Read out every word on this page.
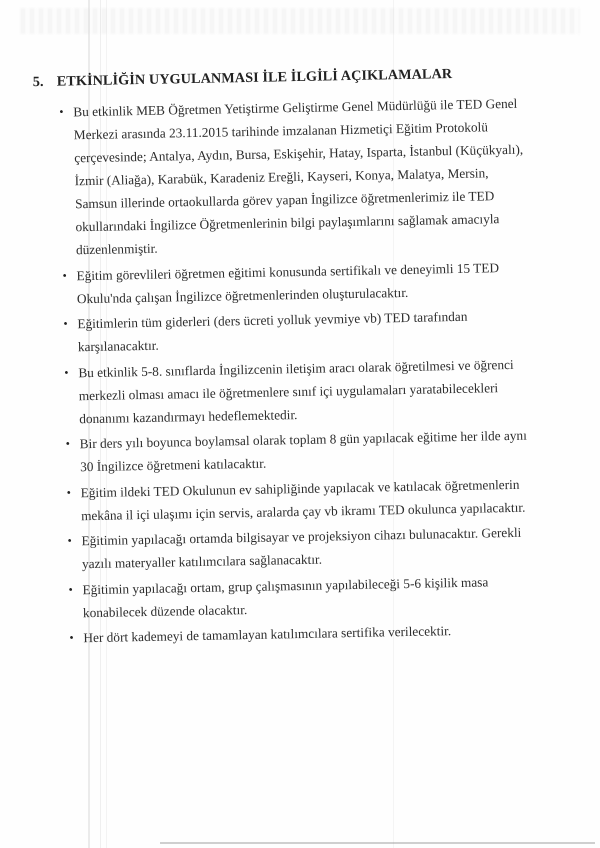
5. ETKİNLİĞİN UYGULANMASI İLE İLGİLİ AÇIKLAMALAR
• Bu etkinlik MEB Öğretmen Yetiştirme Geliştirme Genel Müdürlüğü ile TED Genel Merkezi arasında 23.11.2015 tarihinde imzalanan Hizmetiçi Eğitim Protokolü çerçevesinde; Antalya, Aydın, Bursa, Eskişehir, Hatay, Isparta, İstanbul (Küçükyalı), İzmir (Aliağa), Karabük, Karadeniz Ereğli, Kayseri, Konya, Malatya, Mersin, Samsun illerinde ortaokullarda görev yapan İngilizce öğretmenlerimiz ile TED okullarındaki İngilizce Öğretmenlerinin bilgi paylaşımlarını sağlamak amacıyla düzenlenmiştir.
• Eğitim görevlileri öğretmen eğitimi konusunda sertifikalı ve deneyimli 15 TED Okulu'nda çalışan İngilizce öğretmenlerinden oluşturulacaktır.
• Eğitimlerin tüm giderleri (ders ücreti yolluk yevmiye vb) TED tarafından karşılanacaktır.
• Bu etkinlik 5-8. sınıflarda İngilizcenin iletişim aracı olarak öğretilmesi ve öğrenci merkezli olması amacı ile öğretmenlere sınıf içi uygulamaları yaratabilecekleri donanımı kazandırmayı hedeflemektedir.
• Bir ders yılı boyunca boylamsal olarak toplam 8 gün yapılacak eğitime her ilde aynı 30 İngilizce öğretmeni katılacaktır.
• Eğitim ildeki TED Okulunun ev sahipliğinde yapılacak ve katılacak öğretmenlerin mekâna il içi ulaşımı için servis, aralarda çay vb ikramı TED okulunca yapılacaktır.
• Eğitimin yapılacağı ortamda bilgisayar ve projeksiyon cihazı bulunacaktır. Gerekli yazılı materyaller katılımcılara sağlanacaktır.
• Eğitimin yapılacağı ortam, grup çalışmasının yapılabileceği 5-6 kişilik masa konabilecek düzende olacaktır.
• Her dört kademeyi de tamamlayan katılımcılara sertifika verilecektir.
